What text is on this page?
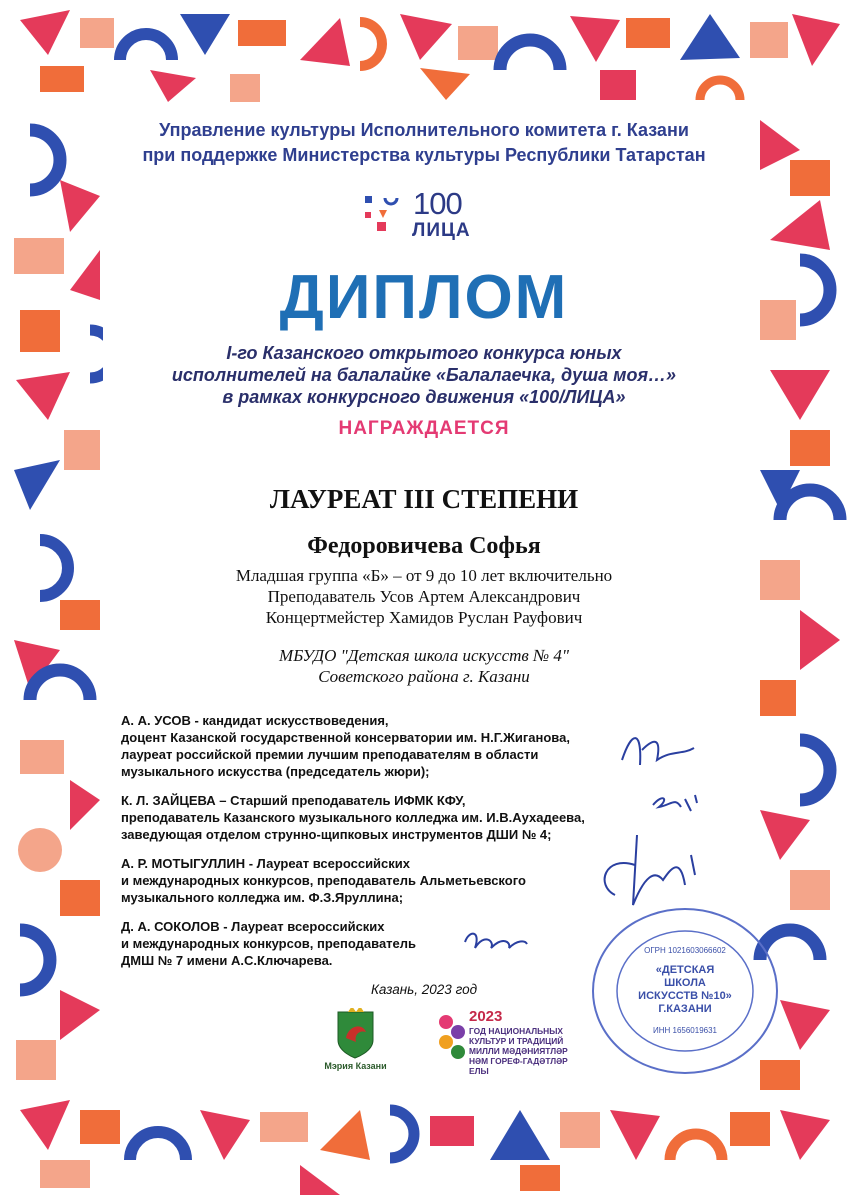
Управление культуры Исполнительного комитета г. Казани
при поддержке Министерства культуры Республики Татарстан
100
ЛИЦА
ДИПЛОМ
I-го Казанского открытого конкурса юных
исполнителей на балалайке «Балалаечка, душа моя…»
в рамках конкурсного движения «100/ЛИЦА»
НАГРАЖДАЕТСЯ
ЛАУРЕАТ III СТЕПЕНИ
Федоровичева Софья
Младшая группа «Б» – от 9 до 10 лет включительно
Преподаватель Усов Артем Александрович
Концертмейстер Хамидов Руслан Рауфович
МБУДО "Детская школа искусств № 4"
Советского района г. Казани

А. А. УСОВ - кандидат искусствоведения,
доцент Казанской государственной консерватории им. Н.Г.Жиганова,
лауреат российской премии лучшим преподавателям в области
музыкального искусства (председатель жюри);

К. Л. ЗАЙЦЕВА – Старший преподаватель ИФМК КФУ,
преподаватель Казанского музыкального колледжа им. И.В.Аухадеева,
заведующая отделом струнно-щипковых инструментов ДШИ № 4;

А. Р. МОТЫГУЛЛИН - Лауреат всероссийских
и международных конкурсов, преподаватель Альметьевского
музыкального колледжа им. Ф.З.Яруллина;

Д. А. СОКОЛОВ - Лауреат всероссийских
и международных конкурсов, преподаватель
ДМШ № 7 имени А.С.Ключарева.

ОГРН 1021603066602
«ДЕТСКАЯ
ШКОЛА
ИСКУССТВ №10»
Г.КАЗАНИ
ИНН 1656019631
Казань, 2023 год
Мэрия Казани
2023
ГОД НАЦИОНАЛЬНЫХ
КУЛЬТУР И ТРАДИЦИЙ
МИЛЛИ МӘДӘНИЯТЛӘР
HӘМ ГОРЕФ-ГАДӘТЛӘР ЕЛЫ
